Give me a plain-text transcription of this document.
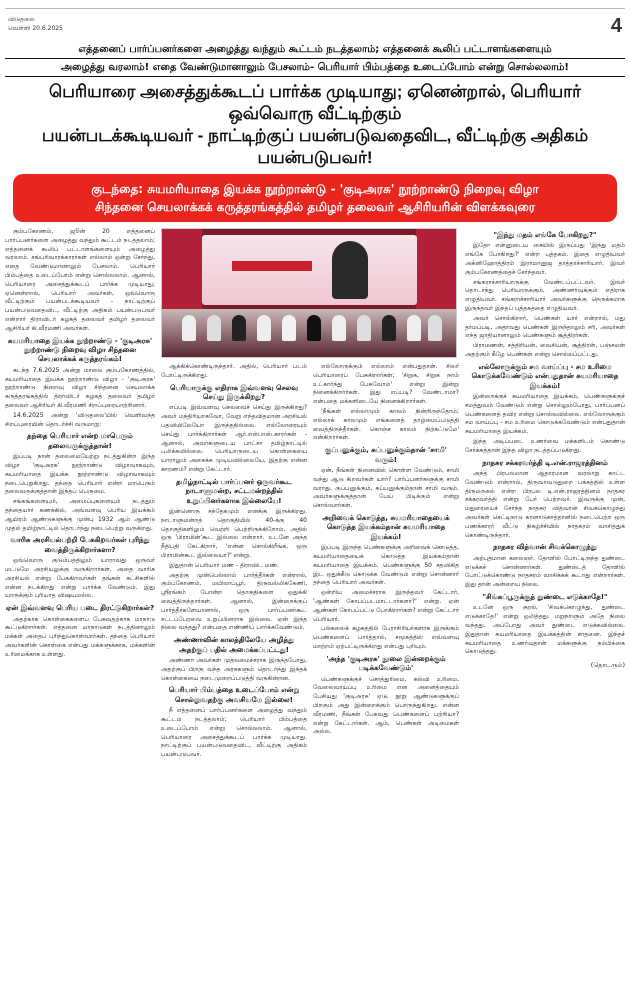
விடுதலை
வெள்ளி 20.6.2025	4
எத்தனைப் பார்ப்பனர்களை அழைத்து வந்தும் கூட்டம் நடத்தலாம்; எத்தனைக் கூலிப் பட்டாளங்களையும்
அழைத்து வரலாம்! எதை வேண்டுமானாலும் பேசலாம்- பெரியார் பிம்பத்தை உடைப்போம் என்று சொல்லலாம்!
பெரியாரை அசைத்துக்கூடப் பார்க்க முடியாது; ஏனென்றால், பெரியார் ஒவ்வொரு வீட்டிற்கும்
பயன்படக்கூடியவர் - நாட்டிற்குப் பயன்படுவதைவிட, வீட்டிற்கு அதிகம் பயன்படுபவர்!
குடந்தை: சுயமரியாதை இயக்க நூற்றாண்டு - 'குடிஅரசு' நூற்றாண்டு நிறைவு விழா
சிந்தனை செயலாக்கக் கருத்தரங்கத்தில் தமிழர் தலைவர் ஆசிரியரின் விளக்கவுரை

கும்பகோணம், ஜூன் 20 எத்தனைப் பார்ப்பனர்களை அழைத்து வந்தும் கூட்டம் நடத்தலாம்; எத்தனைக் கூலிப் பட்டாளங்களையும் அழைத்து வரலாம். சங்பரிவாரக்காரர்கள் எல்லாம் ஒன்று சேர்ந்து, எதை வேண்டுமானாலும் பேசலாம். பெரியார் பிம்பத்தை உடைப்போம் என்று சொல்லலாம். ஆனால், பெரியாரை அசைத்துக்கூடப் பார்க்க முடியாது; ஏனென்றால், பெரியார் அவர்கள், ஒவ்வொரு வீட்டிற்கும் பயன்படக்கூடியவர் - நாட்டிற்குப் பயன்படுவதைவிட, வீட்டிற்கு அதிகம் பயன்படுபவர் என்றார் திராவிடர் கழகத் தலைவர் தமிழர் தலைவர் ஆசிரியர் கி.வீரமணி அவர்கள்.

சுயமரியாதை இயக்க நூற்றாண்டு - 'குடிஅரசு' நூற்றாண்டு நிறைவு விழா சிந்தனை செயலாக்கக் கருத்தரங்கம்!

கடந்த 7.6.2025 அன்று மாலை கும்பகோணத்தில், சுயமரியாதை இயக்க நூற்றாண்டு விழா - 'குடிஅரசு' நூற்றாண்டு நிறைவு விழா சிந்தனை செயலாக்க கருத்தரங்கத்தில் திராவிடர் கழகத் தலைவர் தமிழர் தலைவர் ஆசிரியர் கி.வீரமணி சிறப்புரையாற்றினார்.

14.6.2025 அன்று 'விடுதலை'யில் வெளிவந்த சிறப்புரையின் தொடர்ச்சி வருமாறு:

தந்தை பெரியார் என்ற மாபெரும் தலைவருக்குத்தான்!

இப்படி நான் தலைமையேற்று நடத்துகின்ற இந்த விழா 'குடிஅரசு' நூற்றாண்டு விழாவாகவும், சுயமரியாதை இயக்க நூற்றாண்டு விழாவாகவும் நடைபெறுகிறது. தந்தை பெரியார் என்ற மாபெரும் தலைவருக்குத்தான் இந்தப் பெருமை.

சங்கங்களையும், அமைப்புகளையும் நடத்தும் தந்தையார் கணக்கில், அவ்வளவு பெரிய இயக்கம் ஆயிரம் ஆண்டுகளுக்கு முன்பு 1932 ஆம் ஆண்டு முதல் தமிழ்நாட்டில் தொடர்ந்து நடைபெற்று வருகிறது.

வாரிசு அரசியல்பற்றி பேசுகிறவர்கள் புரிந்து வைத்திருக்கிறார்களா?

ஒவ்வொரு குடும்பத்திலும் யாராவது ஒருவர் மட்டுமே அரசியலுக்கு வருகிறார்கள். அதை வாரிசு அரசியல் என்று பேசுகிறவர்கள் தங்கள் கட்சிகளில் என்ன நடக்கிறது என்று பார்க்க வேண்டும். இது யாருக்கும் புரியாத விஷயமல்ல.

ஏன் இவ்வளவு பெரிய படை திரட்டுகிறார்கள்?

அதற்காக கொள்கைகளைப் பேசுவதற்காக மாநாடு கூட்டுகிறார்கள். எத்தனை மாநாடுகள் நடத்தினாலும் மக்கள் அதைப் புரிந்துகொள்வார்கள். தந்தை பெரியார் அவர்களின் கொள்கை என்பது மக்களுக்காக, மக்களின் உரிமைக்காக உள்ளது.

ஆக்கிக்கொண்டிருந்தார். அதில், பெரியார் படம் போட்டிருக்கிறது.

பெரியாருக்கு எதிராக இவ்வளவு செலவு செய்து இருக்கிறது?

எப்படி இவ்வளவு செலவைச் செய்து இருக்கிறது? அவர் மந்திரியாகவோ, வேறு எந்தவிதமான அரசியல் பதவியிலேயோ இருந்ததில்லை. எல்லோரையும் செய்து பார்க்கிறார்கள் ஆர்.எஸ்.எஸ்.காரர்கள் - ஆனால், அவர்களுடைய பாட்சா தமிழ்நாட்டில் பலிக்கவில்லை. பெரியாருடைய கொள்கையை யாராலும் அசைக்க முடியவில்லையே, இதற்கு என்ன காரணம்? என்று கேட்டார்.

தமிழ்நாட்டில் பார்ப்பனர் ஒருவர்கூட நாடாளுமன்ற, சட்டமன்றத்தில் உறுப்பினர்களாக இல்லையே!

இன்னொரு சந்தேகமும் எனக்கு இருக்கிறது. நாடாளுமன்றத் தொகுதியில் 40-க்கு 40 தொகுதிகளிலும் வெற்றி பெற்றிருக்கிறோம். அதில் ஒரு 'பிராமின்'கூட இல்லை என்றார். உடனே அந்த நீதிபதி கேட்கிறார், 'என்ன சொல்கிறீங்க, ஒரு பிராமின்கூட இல்லையா?' என்று.

இதுதான் பெரியார் மண் - திராவிட மண்.

அதற்கு முன்பெல்லாம் பார்த்தீர்கள் என்றால், கும்பகோணம், மயிலாப்பூர், திருவல்லிக்கேணி, ஸ்ரீரங்கம் போன்ற தொகுதிகளை ஒதுக்கி வைத்திருந்தார்கள். ஆனால், இன்றைக்குப் பார்த்தீர்களேயானால், ஒரு பார்ப்பனர்கூட சட்டப்பேரவை உறுப்பினராக இல்லை. ஏன் இந்த நிலை வந்தது? என்பதை எண்ணிப் பார்க்கவேண்டும்.

அண்ணாவின் காலத்திலேயே அழித்து அதற்குப் பதில் அமைக்கப்பட்டது!

அண்ணா அவர்கள் முதலமைச்சராக இருந்தபோது, அதற்குப் பிறகு வந்த அரசுகளும் தொடர்ந்து இந்தக் கொள்கையை நடைமுறைப்படுத்தி வருகின்றன.

பெரியார் பிம்பத்தை உடைப்போம் என்று சொல்லுவதற்கு அவசியமே இல்லை!

நீ எத்தனைப் பார்ப்பனர்களை அழைத்து வந்தும் கூட்டம் நடத்தலாம்; பெரியார் பிம்பத்தை உடைப்போம் என்று சொல்லலாம். ஆனால், பெரியாரை அசைத்துக்கூடப் பார்க்க முடியாது. நாட்டிற்குப் பயன்படுவதைவிட, வீட்டிற்கு அதிகம் பயன்படுபவர்.

எல்லோருக்கும் எல்லாம் என்பதுதான். சிலர் பெரியாரைப் பேசுகிறார்கள்; 'சிறுக, சிறுக நாம் உட்கார்ந்து பேசுவோம்' என்று இன்று நினைக்கிறார்கள். இது எப்படி? வேண்டாமா? என்பதை மக்களிடையே நினைக்கிறார்கள்.

'நீங்கள் எல்லாமும் காலம் நின்றிருந்தோம்; எல்லாக் காலமும் எங்களைத் தாழ்மைப்படுத்தி வைத்திருந்தீர்கள். கொஞ்ச காலம் நிற்கட்டுமே' என்கிறார்கள்.

குப்பனுக்கும், சுப்பனுக்கும்தான் 'சாமி' வரும்!

ஏன், நீங்கள் நினைவில் கொள்ள வேண்டும், சாமி வந்து ஆடு கிறவர்கள் யார்? பார்ப்பனர்களுக்கு சாமி வராது. குப்பனுக்கும், சுப்பனுக்கும்தான் சாமி வரும். அவர்களுக்குத்தான் பேய் பிடிக்கும் என்று சொல்வார்கள்.

அறிவைக் கொடுத்த, சுயமரியாதையைக் கொடுத்த இயக்கம்தான் சுயமரியாதை இயக்கம்!

இப்படி இருந்த பெண்களுக்கு அறிவைக் கொடுத்த, சுயமரியாதையைக் கொடுத்த இயக்கம்தான் சுயமரியாதை இயக்கம். பெண்களுக்கு 50 சதவிகித இட ஒதுக்கீடு கொடுக்க வேண்டும் என்று சொன்னார் தந்தை பெரியார் அவர்கள்.

ஒன்றிய அமைச்சராக இருந்தவர் கேட்டார், 'ஆண்கள் கோபப்படமாட்டார்களா?' என்று. ஏன் ஆண்கள் கோபப்பட்டு போகிறார்கள்? என்று கேட்டார் பெரியார்.

பல்கலைக் கழகத்தில் பேராசிரியர்களாக இருக்கும் பெண்களைப் பார்த்தால், சமூகத்தில் எவ்வளவு மாற்றம் ஏற்பட்டிருக்கிறது என்பது புரியும்.

'அந்த 'குடிஅரசு' நூலை இன்றைக்கும் படிக்கவேண்டும்'

பெண்களுக்குச் சொத்துரிமை, கல்வி உரிமை, வேலைவாய்ப்பு உரிமை என அனைத்தையும் பேசியது 'குடிஅரசு' ஏடு. நூறு ஆண்டுகளுக்குப் பிறகும் அது இன்றைக்கும் பொருந்துகிறது. என்ன வீரமணி, நீங்கள் பேசுவது பெண்களைப் பற்றியா? என்று கேட்டார்கள். ஆம், பெண்கள் அடிமைகள் அல்ல.

"இந்து மதம் எங்கே போகிறது?"

இதோ என்னுடைய கையில் இருப்பது 'இந்து மதம் எங்கே போகிறது?' என்ற புத்தகம். இதை எழுதியவர் அக்னிஹோத்திரம் இராமானுஜ தாத்தாச்சாரியார். இவர் கும்பகோணத்தைச் சேர்ந்தவர்.

சங்கராச்சாரியாருக்கு வேண்டப்பட்டவர். இவர் தொடர்ந்து பெரியாருக்கும், அண்ணாவுக்கும் எதிராக எழுதியவர். சங்கராச்சாரியார் அவர்களுக்கு நெருக்கமாக இருந்தவர் இந்தப் புத்தகத்தை எழுதியவர்.

அவர் சொல்கிறார், பெண்கள் யார் என்றால், மது தர்மப்படி, அதாவது பெண்கள் இருந்தாலும் சரி, அவர்கள் எந்த ஜாதியானாலும் பெண்களும் சூத்திரர்கள்.

பிராமணன், சத்திரியன், வைசியன், சூத்திரன், பஞ்சமன் அதற்கும் கீழே பெண்கள் என்று சொல்லப்பட்டது.

எல்லோருக்கும் சம வாய்ப்பு - சம உரிமை கொடுக்கவேண்டும் என்பதுதான் சுயமரியாதை இயக்கம்!

இன்றைக்குச் சுயமரியாதை இயக்கம், பெண்களுக்குச் சமத்துவம் வேண்டும் என்று சொல்லும்போது, பார்ப்பனப் பெண்களைத் தவிர என்று சொல்லவில்லை. எல்லோருக்கும் சம வாய்ப்பு - சம உரிமை கொடுக்கவேண்டும் என்பதுதான் சுயமரியாதை இயக்கம்.

இந்த அடிப்படை உணர்வை மக்களிடம் கொண்டு சேர்க்கத்தான் இந்த விழா நடத்தப்படுகிறது.

நாதசுர சக்கரவர்த்தி டி.என்.ராஜரத்தினம்

அந்த பிரபலமான ஆதாரமான வரலாறு காட்ட வேண்டும் என்றால், திருவாவடுதுறை பக்கத்தில் உள்ள திருமருகல் என்ற பிரபல டி.என்.ராஜரத்தினம் நாதசுர சக்கரவர்த்தி என்று பேர் பெற்றவர். இவருக்கு முன், மதுரையைச் சேர்ந்த நாதசுர வித்வான் சிவக்கொழுந்து அவர்கள் செட்டிநாடு கானாடுகாத்தானில் நடைபெற்ற ஒரு பணக்காரர் வீட்டு நிகழ்ச்சியில் நாதசுரம் வாசித்துக் கொண்டிருந்தார்.

நாதசுர வித்வான் சிவக்கொழுந்து

அற்புதமான கலைஞர். தோளில் போட்டிருந்த துண்டை எடுக்கச் சொன்னார்கள். துண்டைத் தோளில் போட்டுக்கொண்டு நாதசுரம் வாசிக்கக் கூடாது என்றார்கள். இது தான் அன்றைய நிலை.

"சிங்கப்பூருக்குத் துண்டை எடுக்காதே!"

உடனே ஒரு குரல், 'சிவக்கொழுந்து, துண்டை எடுக்காதே!' என்று ஒலித்தது. மறுநாளும் அதே நிலை வந்தது. அப்போது அவர் துண்டை எடுக்கவில்லை. இதுதான் சுயமரியாதை இயக்கத்தின் சாதனை. இந்தச் சுயமரியாதை உணர்வுதான் மக்களுக்கு நம்பிக்கை கொடுத்தது.

(தொடரும்)
